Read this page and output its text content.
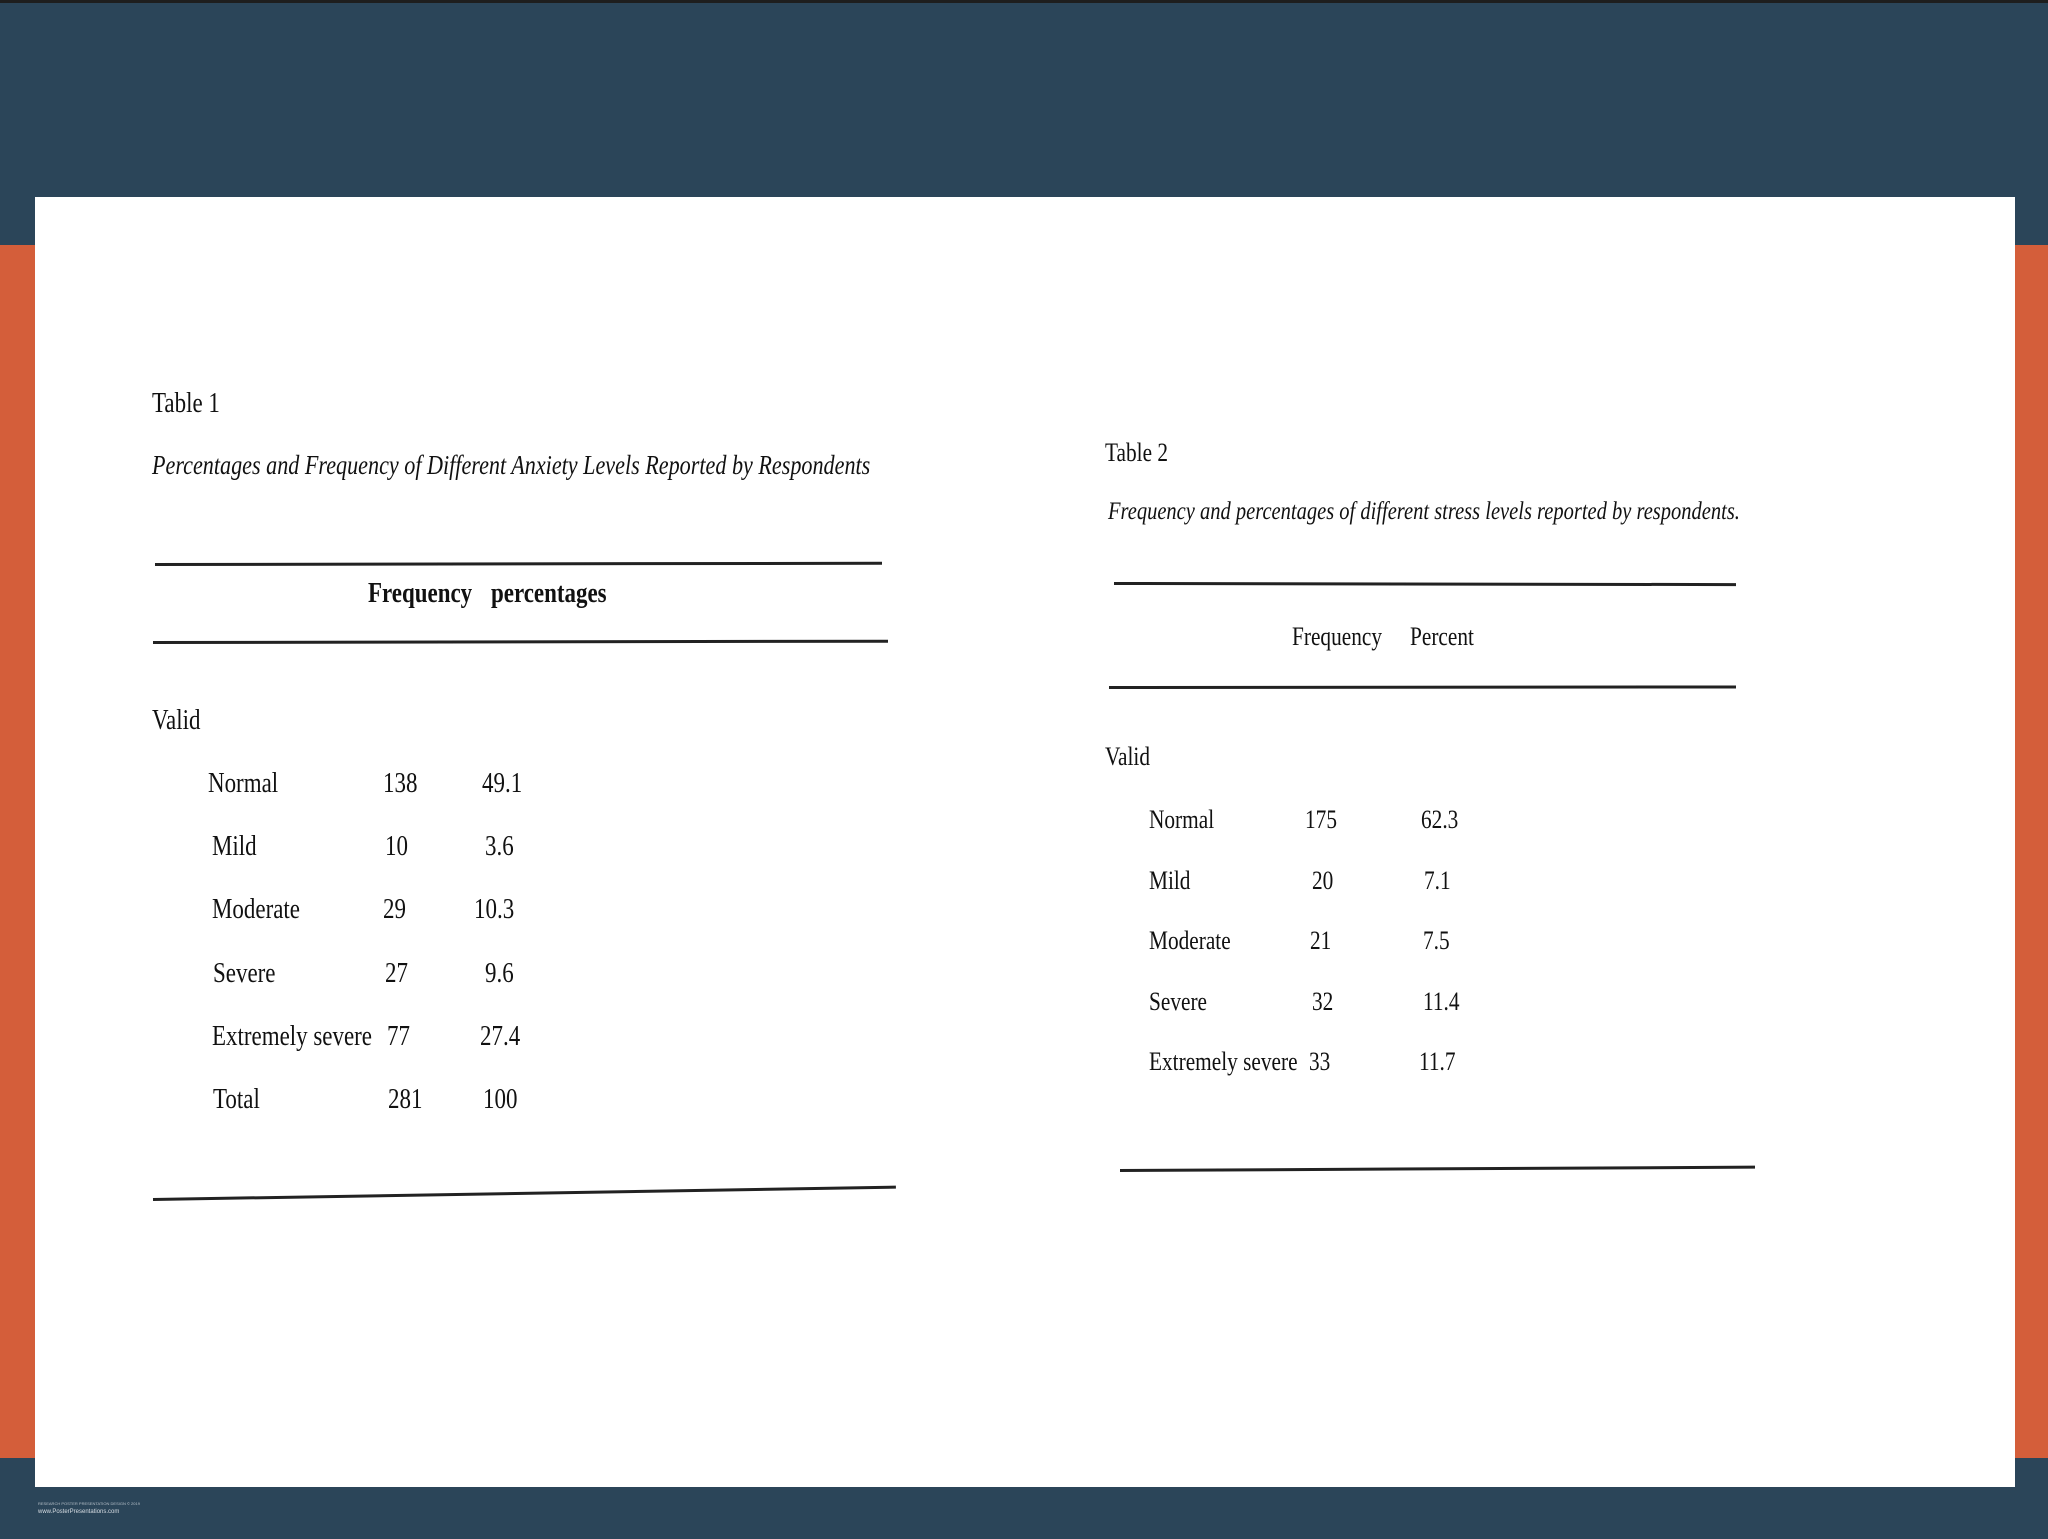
Table 1
Percentages and Frequency of Different Anxiety Levels Reported by Respondents
Frequency percentages
Valid
Normal	138 49.1
Mild	10	3.6
Moderate	29 10.3
Severe	27	9.6
Extremely severe 77	27.4
Total	281 100
Table 2
Frequency and percentages of different stress levels reported by respondents.
Frequency	Percent
Valid
Normal	175	62.3
Mild	20	7.1
Moderate	21	7.5
Severe	32	11.4
Extremely severe 33	11.7
RESEARCH POSTER PRESENTATION DESIGN © 2019
www.PosterPresentations.com
